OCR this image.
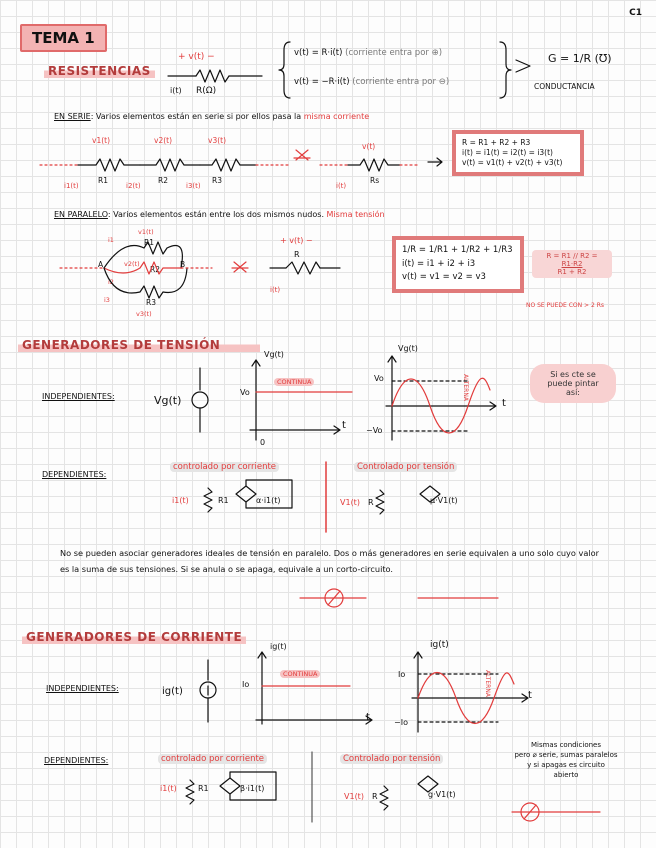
C1
TEMA 1
RESISTENCIAS
+ v(t) −
i(t) R(Ω)
v(t) = R·i(t) (corriente entra por ⊕)
v(t) = −R·i(t) (corriente entra por ⊖)
G = 1/R (℧)
CONDUCTANCIA
EN SERIE: Varios elementos están en serie si por ellos pasa la misma corriente
R = R1 + R2 + R3
i(t) = i1(t) = i2(t) = i3(t)
v(t) = v1(t) + v2(t) + v3(t)
v1(t)	v2(t)	v3(t)
R1	R2	R3
i1(t)	i2(t)	i3(t)
v(t)
i(t)
Rs
EN PARALELO: Varios elementos están entre los dos mismos nudos. Misma tensión
v1(t)
R1
v2(t)
R2
R3
v3(t)
A	B
i1
i2
i3
+ v(t) −
R
i(t)
1/R = 1/R1 + 1/R2 + 1/R3
i(t) = i1 + i2 + i3
v(t) = v1 = v2 = v3
R = R1 // R2 =
R1·R2
R1 + R2
NO SE PUEDE CON > 2 Rs
GENERADORES DE TENSIÓN
INDEPENDIENTES:	Vg(t)
Vg(t)
Vo
CONTINUA
0
t
Vg(t)
Vo
−Vo
ALTERNA
t
Si es cte se
puede pintar
así:
DEPENDIENTES:
controlado por corriente	Controlado por tensión
i1(t)	R1	α·i1(t)	V1(t) R	μ·V1(t)
No se pueden asociar generadores ideales de tensión en paralelo. Dos o más generadores en serie equivalen a uno solo cuyo valor es la suma de sus tensiones. Si se anula o se apaga, equivale a un corto-circuito.
GENERADORES DE CORRIENTE
INDEPENDIENTES:	ig(t)
ig(t)
Io
CONTINUA
t
ig(t)
Io
−Io
ALTERNA	t
DEPENDIENTES:	controlado por corriente	Controlado por tensión
i1(t)	R1	β·i1(t)
V1(t) R	g·V1(t)
Mismas condiciones
pero ⌀ serie, sumas paralelos
y si apagas es circuito
abierto
